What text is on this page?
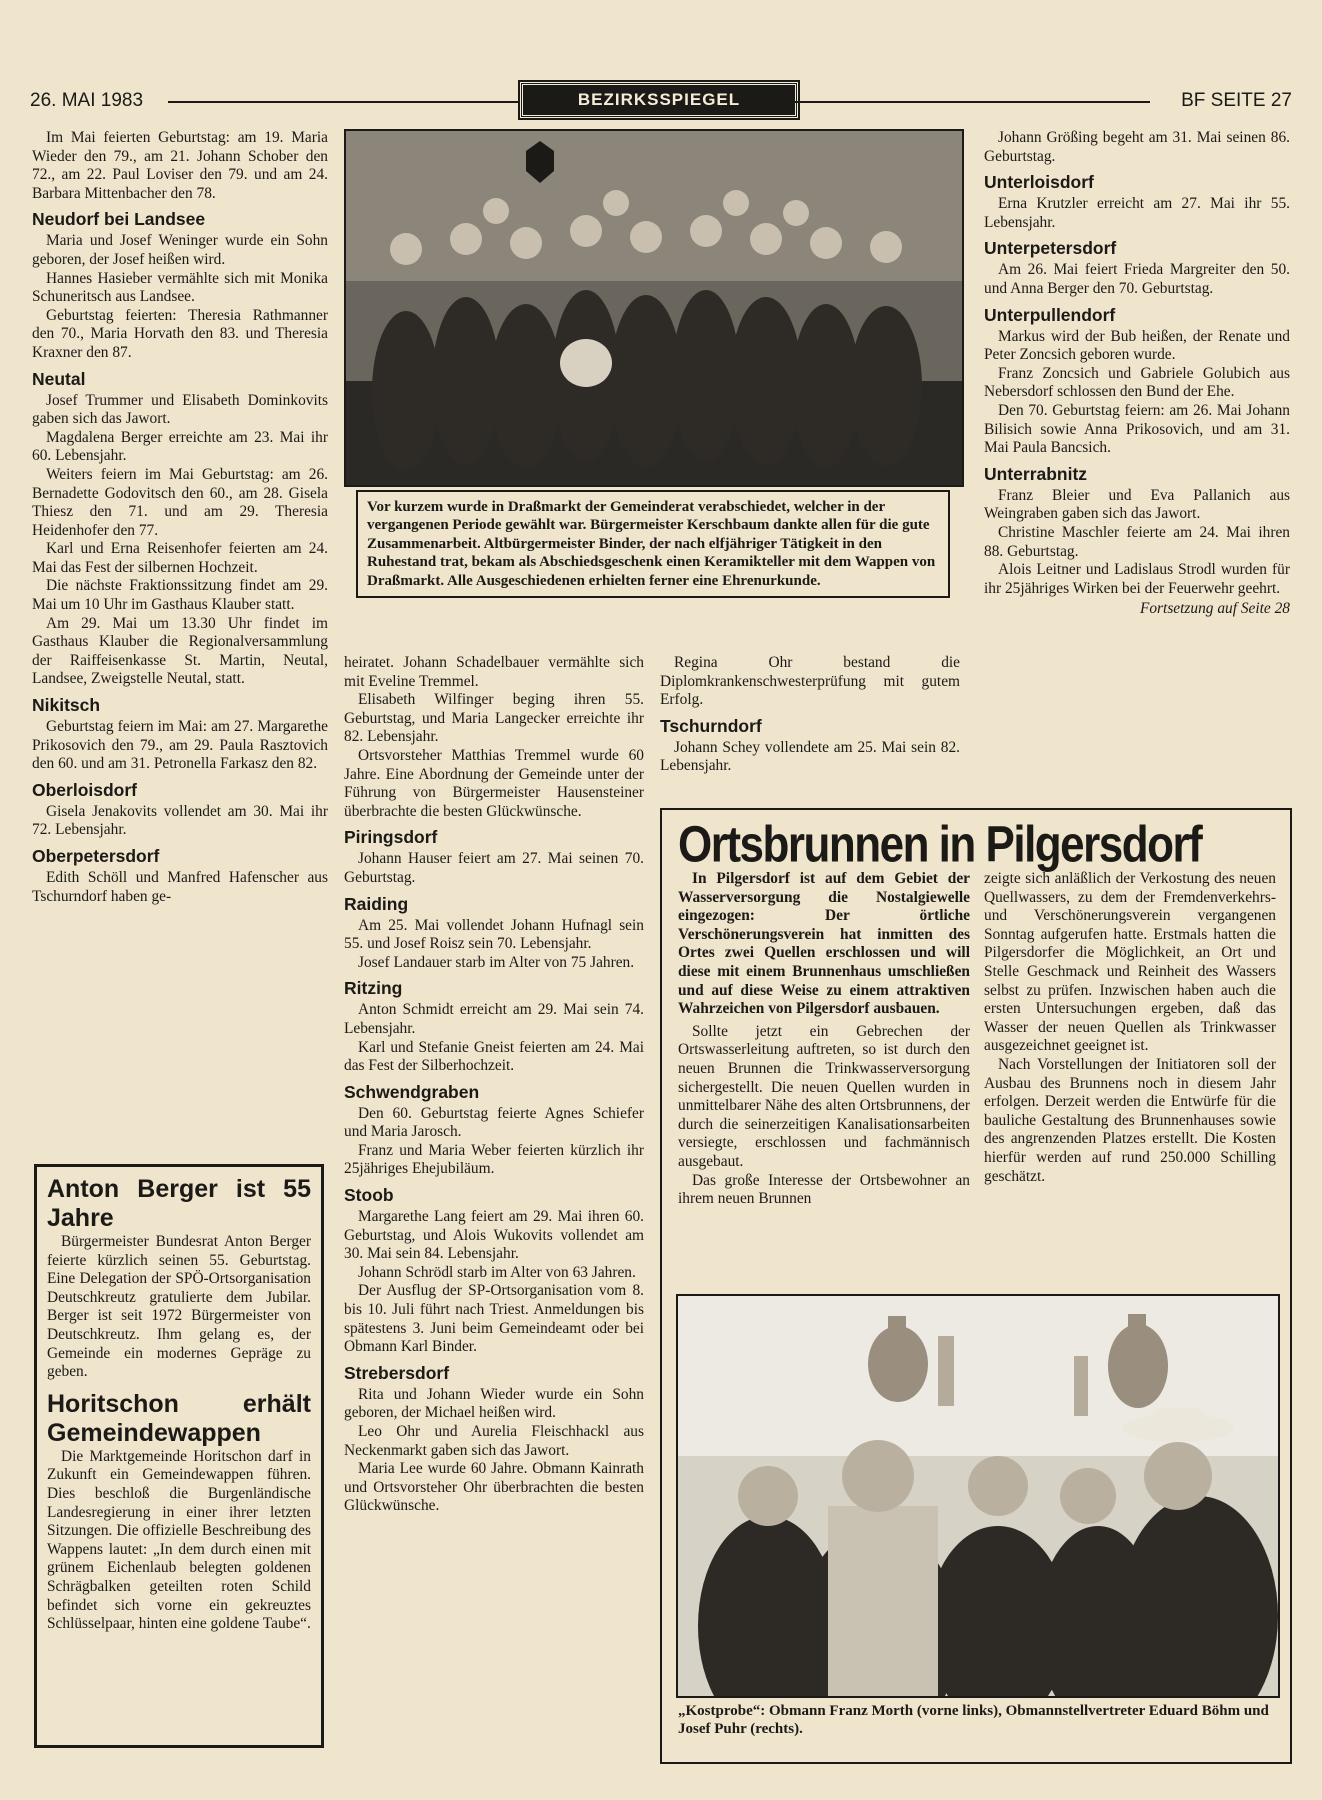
26. MAI 1983	BEZIRKSSPIEGEL	BF SEITE 27

Im Mai feierten Geburtstag: am 19. Maria Wieder den 79., am 21. Johann Schober den 72., am 22. Paul Loviser den 79. und am 24. Barbara Mittenbacher den 78.

Neudorf bei Landsee

Maria und Josef Weninger wurde ein Sohn geboren, der Josef heißen wird.

Hannes Hasieber vermählte sich mit Monika Schuneritsch aus Landsee.

Geburtstag feierten: Theresia Rathmanner den 70., Maria Horvath den 83. und Theresia Kraxner den 87.

Neutal

Josef Trummer und Elisabeth Dominkovits gaben sich das Jawort.

Magdalena Berger erreichte am 23. Mai ihr 60. Lebensjahr.

Weiters feiern im Mai Geburtstag: am 26. Bernadette Godovitsch den 60., am 28. Gisela Thiesz den 71. und am 29. Theresia Heidenhofer den 77.

Karl und Erna Reisenhofer feierten am 24. Mai das Fest der silbernen Hochzeit.

Die nächste Fraktionssitzung findet am 29. Mai um 10 Uhr im Gasthaus Klauber statt.

Am 29. Mai um 13.30 Uhr findet im Gasthaus Klauber die Regionalversammlung der Raiffeisenkasse St. Martin, Neutal, Landsee, Zweigstelle Neutal, statt.

Nikitsch

Geburtstag feiern im Mai: am 27. Margarethe Prikosovich den 79., am 29. Paula Rasztovich den 60. und am 31. Petronella Farkasz den 82.

Oberloisdorf

Gisela Jenakovits vollendet am 30. Mai ihr 72. Lebensjahr.

Oberpetersdorf

Edith Schöll und Manfred Hafenscher aus Tschurndorf haben ge-

Anton Berger ist 55 Jahre

Bürgermeister Bundesrat Anton Berger feierte kürzlich seinen 55. Geburtstag. Eine Delegation der SPÖ-Ortsorganisation Deutschkreutz gratulierte dem Jubilar. Berger ist seit 1972 Bürgermeister von Deutschkreutz. Ihm gelang es, der Gemeinde ein modernes Gepräge zu geben.

Horitschon erhält Gemeindewappen

Die Marktgemeinde Horitschon darf in Zukunft ein Gemeindewappen führen. Dies beschloß die Burgenländische Landesregierung in einer ihrer letzten Sitzungen. Die offizielle Beschreibung des Wappens lautet: „In dem durch einen mit grünem Eichenlaub belegten goldenen Schrägbalken geteilten roten Schild befindet sich vorne ein gekreuztes Schlüsselpaar, hinten eine goldene Taube“.

Vor kurzem wurde in Draßmarkt der Gemeinderat verabschiedet, welcher in der vergangenen Periode gewählt war. Bürgermeister Kerschbaum dankte allen für die gute Zusammenarbeit. Altbürgermeister Binder, der nach elfjähriger Tätigkeit in den Ruhestand trat, bekam als Abschiedsgeschenk einen Keramikteller mit dem Wappen von Draßmarkt. Alle Ausgeschiedenen erhielten ferner eine Ehrenurkunde.

heiratet. Johann Schadelbauer vermählte sich mit Eveline Tremmel.

Elisabeth Wilfinger beging ihren 55. Geburtstag, und Maria Langecker erreichte ihr 82. Lebensjahr.

Ortsvorsteher Matthias Tremmel wurde 60 Jahre. Eine Abordnung der Gemeinde unter der Führung von Bürgermeister Hausensteiner überbrachte die besten Glückwünsche.

Piringsdorf

Johann Hauser feiert am 27. Mai seinen 70. Geburtstag.

Raiding

Am 25. Mai vollendet Johann Hufnagl sein 55. und Josef Roisz sein 70. Lebensjahr.

Josef Landauer starb im Alter von 75 Jahren.

Ritzing

Anton Schmidt erreicht am 29. Mai sein 74. Lebensjahr.

Karl und Stefanie Gneist feierten am 24. Mai das Fest der Silberhochzeit.

Schwendgraben

Den 60. Geburtstag feierte Agnes Schiefer und Maria Jarosch.

Franz und Maria Weber feierten kürzlich ihr 25jähriges Ehejubiläum.

Stoob

Margarethe Lang feiert am 29. Mai ihren 60. Geburtstag, und Alois Wukovits vollendet am 30. Mai sein 84. Lebensjahr.

Johann Schrödl starb im Alter von 63 Jahren.

Der Ausflug der SP-Ortsorganisation vom 8. bis 10. Juli führt nach Triest. Anmeldungen bis spätestens 3. Juni beim Gemeindeamt oder bei Obmann Karl Binder.

Strebersdorf

Rita und Johann Wieder wurde ein Sohn geboren, der Michael heißen wird.

Leo Ohr und Aurelia Fleischhackl aus Neckenmarkt gaben sich das Jawort.

Maria Lee wurde 60 Jahre. Obmann Kainrath und Ortsvorsteher Ohr überbrachten die besten Glückwünsche.

Regina Ohr bestand die Diplomkrankenschwesterprüfung mit gutem Erfolg.

Tschurndorf

Johann Schey vollendete am 25. Mai sein 82. Lebensjahr.

Johann Größing begeht am 31. Mai seinen 86. Geburtstag.

Unterloisdorf

Erna Krutzler erreicht am 27. Mai ihr 55. Lebensjahr.

Unterpetersdorf

Am 26. Mai feiert Frieda Margreiter den 50. und Anna Berger den 70. Geburtstag.

Unterpullendorf

Markus wird der Bub heißen, der Renate und Peter Zoncsich geboren wurde.

Franz Zoncsich und Gabriele Golubich aus Nebersdorf schlossen den Bund der Ehe.

Den 70. Geburtstag feiern: am 26. Mai Johann Bilisich sowie Anna Prikosovich, und am 31. Mai Paula Bancsich.

Unterrabnitz

Franz Bleier und Eva Pallanich aus Weingraben gaben sich das Jawort.

Christine Maschler feierte am 24. Mai ihren 88. Geburtstag.

Alois Leitner und Ladislaus Strodl wurden für ihr 25jähriges Wirken bei der Feuerwehr geehrt.

Fortsetzung auf Seite 28
Ortsbrunnen in Pilgersdorf

In Pilgersdorf ist auf dem Gebiet der Wasserversorgung die Nostalgiewelle eingezogen: Der örtliche Verschönerungsverein hat inmitten des Ortes zwei Quellen erschlossen und will diese mit einem Brunnenhaus umschließen und auf diese Weise zu einem attraktiven Wahrzeichen von Pilgersdorf ausbauen.

Sollte jetzt ein Gebrechen der Ortswasserleitung auftreten, so ist durch den neuen Brunnen die Trinkwasserversorgung sichergestellt. Die neuen Quellen wurden in unmittelbarer Nähe des alten Ortsbrunnens, der durch die seinerzeitigen Kanalisationsarbeiten versiegte, erschlossen und fachmännisch ausgebaut.

Das große Interesse der Ortsbewohner an ihrem neuen Brunnen

zeigte sich anläßlich der Verkostung des neuen Quellwassers, zu dem der Fremdenverkehrs- und Verschönerungsverein vergangenen Sonntag aufgerufen hatte. Erstmals hatten die Pilgersdorfer die Möglichkeit, an Ort und Stelle Geschmack und Reinheit des Wassers selbst zu prüfen. Inzwischen haben auch die ersten Untersuchungen ergeben, daß das Wasser der neuen Quellen als Trinkwasser ausgezeichnet geeignet ist.

Nach Vorstellungen der Initiatoren soll der Ausbau des Brunnens noch in diesem Jahr erfolgen. Derzeit werden die Entwürfe für die bauliche Gestaltung des Brunnenhauses sowie des angrenzenden Platzes erstellt. Die Kosten hierfür werden auf rund 250.000 Schilling geschätzt.

„Kostprobe“: Obmann Franz Morth (vorne links), Obmannstellvertreter Eduard Böhm und Josef Puhr (rechts).
